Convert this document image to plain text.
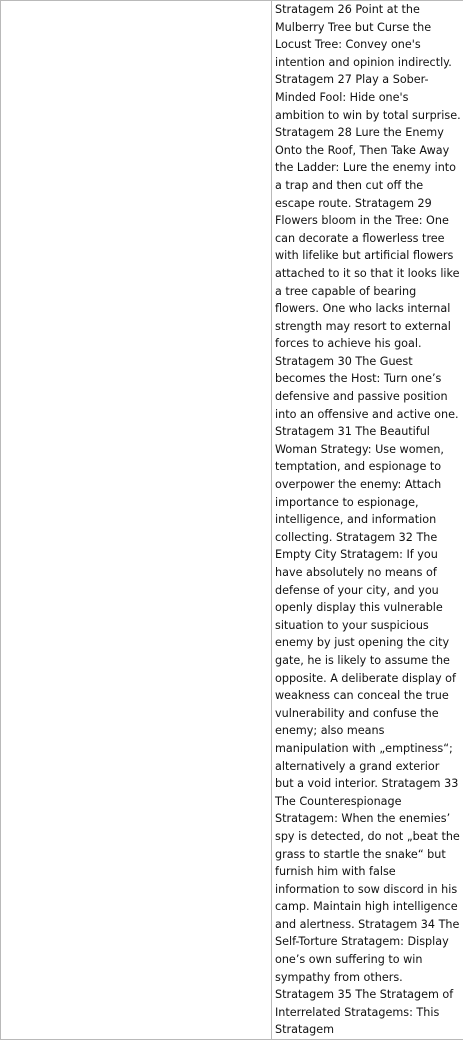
Stratagem 26 Point at the Mulberry Tree but Curse the Locust Tree: Convey one's intention and opinion indirectly. Stratagem 27 Play a Sober-Minded Fool: Hide one's ambition to win by total surprise. Stratagem 28 Lure the Enemy Onto the Roof, Then Take Away the Ladder: Lure the enemy into a trap and then cut off the escape route. Stratagem 29 Flowers bloom in the Tree: One can decorate a flowerless tree with lifelike but artificial flowers attached to it so that it looks like a tree capable of bearing flowers. One who lacks internal strength may resort to external forces to achieve his goal. Stratagem 30 The Guest becomes the Host: Turn one’s defensive and passive position into an offensive and active one. Stratagem 31 The Beautiful Woman Strategy: Use women, temptation, and espionage to overpower the enemy: Attach importance to espionage, intelligence, and information collecting. Stratagem 32 The Empty City Stratagem: If you have absolutely no means of defense of your city, and you openly display this vulnerable situation to your suspicious enemy by just opening the city gate, he is likely to assume the opposite. A deliberate display of weakness can conceal the true vulnerability and confuse the enemy; also means manipulation with „emptiness“; alternatively a grand exterior but a void interior. Stratagem 33 The Counterespionage Stratagem: When the enemies’ spy is detected, do not „beat the grass to startle the snake“ but furnish him with false information to sow discord in his camp. Maintain high intelligence and alertness. Stratagem 34 The Self-Torture Stratagem: Display one’s own suffering to win sympathy from others. Stratagem 35 The Stratagem of Interrelated Stratagems: This Stratagem
